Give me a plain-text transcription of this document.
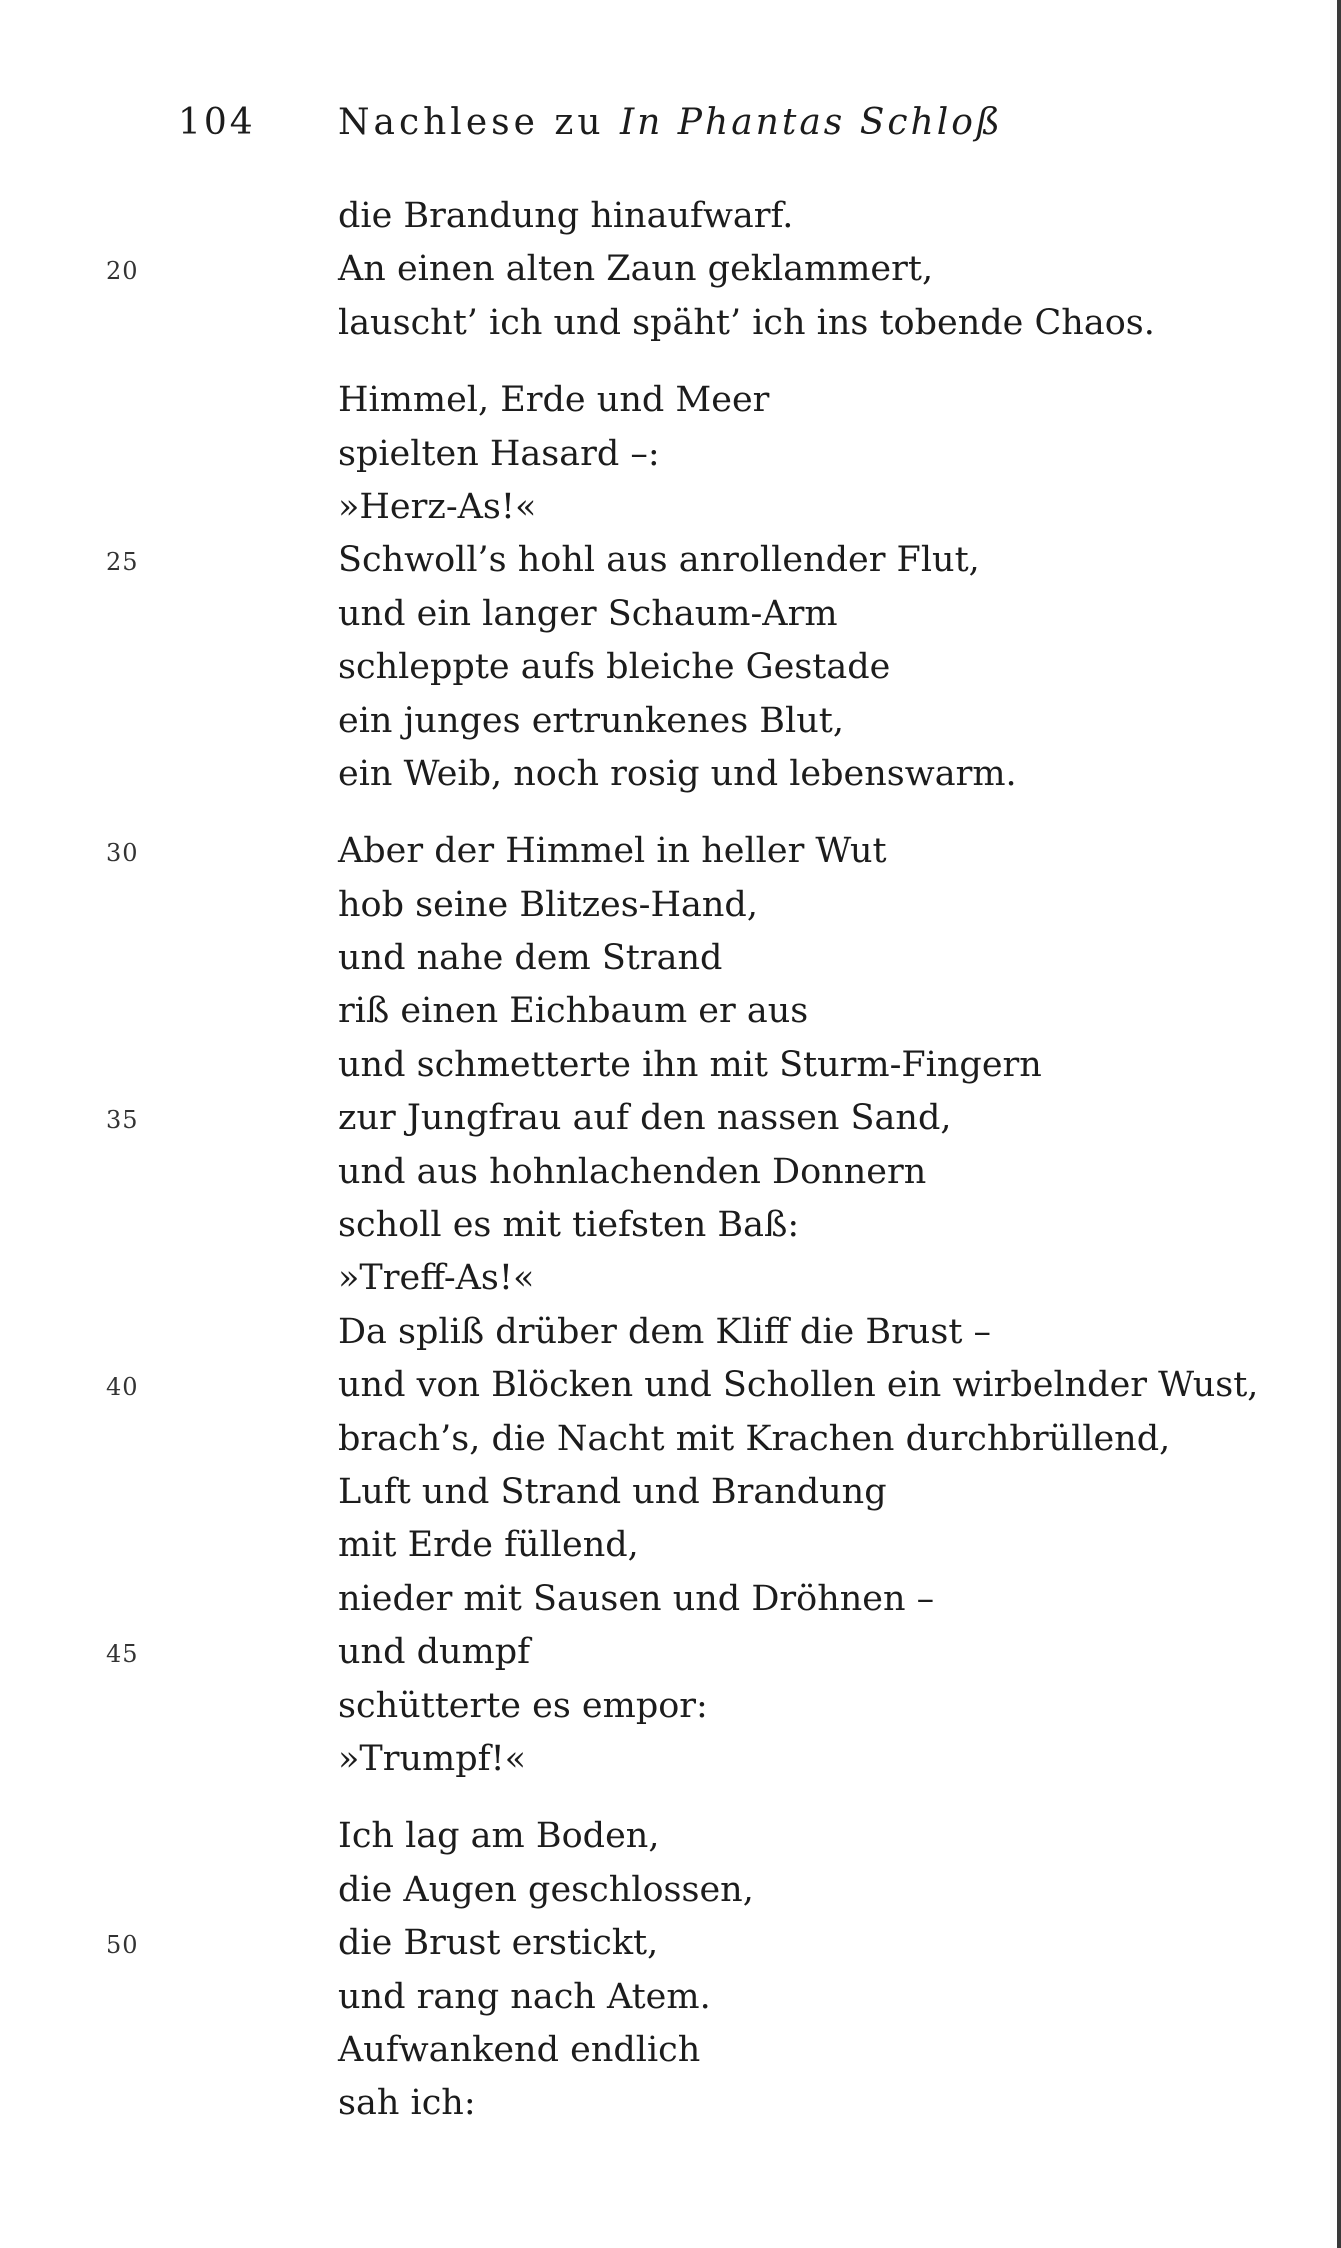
104	Nachlese zu In Phantas Schloß
die Brandung hinaufwarf.
20	An einen alten Zaun geklammert,
lauscht’ ich und späht’ ich ins tobende Chaos.
Himmel, Erde und Meer
spielten Hasard –:
»Herz-As!«
25	Schwoll’s hohl aus anrollender Flut,
und ein langer Schaum-Arm
schleppte aufs bleiche Gestade
ein junges ertrunkenes Blut,
ein Weib, noch rosig und lebenswarm.
30	Aber der Himmel in heller Wut
hob seine Blitzes-Hand,
und nahe dem Strand
riß einen Eichbaum er aus
und schmetterte ihn mit Sturm-Fingern
35	zur Jungfrau auf den nassen Sand,
und aus hohnlachenden Donnern
scholl es mit tiefsten Baß:
»Treff-As!«
Da spliß drüber dem Kliff die Brust –
40	und von Blöcken und Schollen ein wirbelnder Wust,
brach’s, die Nacht mit Krachen durchbrüllend,
Luft und Strand und Brandung
mit Erde füllend,
nieder mit Sausen und Dröhnen –
45	und dumpf
schütterte es empor:
»Trumpf!«
Ich lag am Boden,
die Augen geschlossen,
50	die Brust erstickt,
und rang nach Atem.
Aufwankend endlich
sah ich:
